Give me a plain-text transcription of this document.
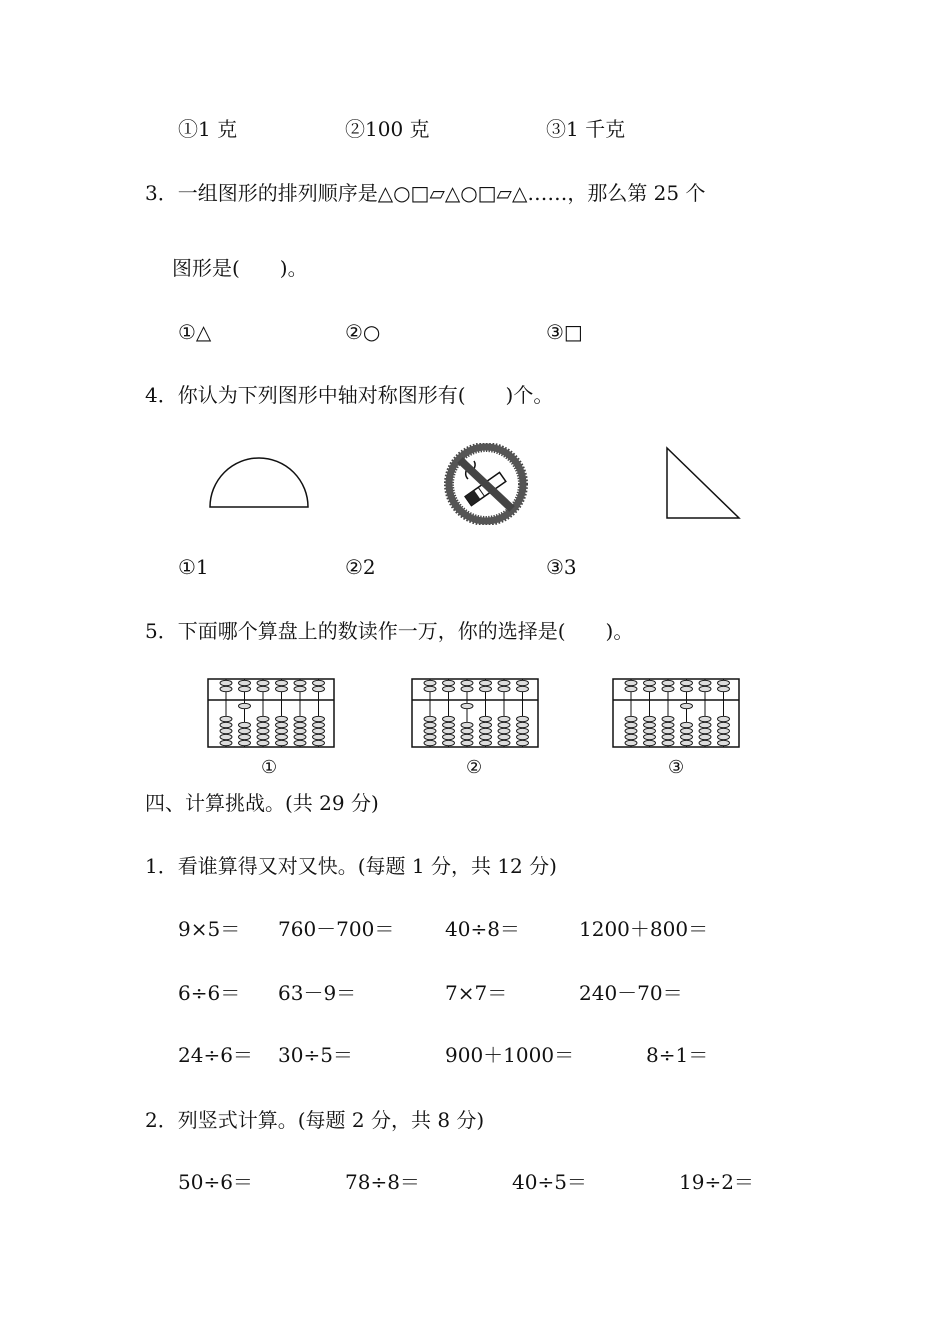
①1 克	②100 克	③1 千克
3．一组图形的排列顺序是△○□▱△○□▱△……，那么第 25 个
图形是(　　)。
①△	②○	③□
4．你认为下列图形中轴对称图形有(　　)个。
①1	②2	③3
5．下面哪个算盘上的数读作一万，你的选择是(　　)。
①	②	③
四、计算挑战。(共 29 分)
1．看谁算得又对又快。(每题 1 分，共 12 分)
9×5＝ 760－700＝	40÷8＝	1200＋800＝
6÷6＝ 63－9＝	7×7＝	240－70＝
24÷6＝ 30÷5＝	900＋1000＝	8÷1＝
2．列竖式计算。(每题 2 分，共 8 分)
50÷6＝	78÷8＝	40÷5＝	19÷2＝
